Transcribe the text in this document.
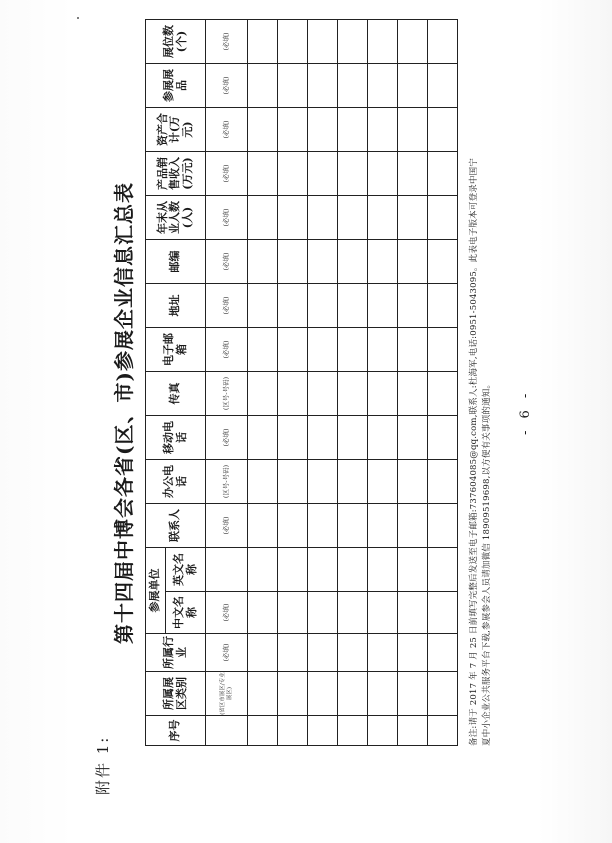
附件 1:
第十四届中博会各省(区、市)参展企业信息汇总表
序号	所属展区类别	所属行业	参展单位		联系人	办公电话	移动电话	传真	电子邮箱	地址	邮编	年末从业人数(人)	产品销售收入(万元)	资产合计(万元)	参展展品	展位数(个)
			中文名称	英文名称												
	(省区市展区/专业展区)	(必填)	(必填)		(必填)	(区号-号码)	(必填)	(区号-号码)	(必填)	(必填)	(必填)	(必填)	(必填)	(必填)	(必填)	(必填)

备注:请于 2017 年 7 月 25 日前填写完整后发送至电子邮箱:737604085@qq.com,联系人:杜海军,电话:0951-5043095。此表电子版本可登录中国宁 夏中小企业公共服务平台下载,参展参会人员请加微信 18909519698,以方便有关事项的通知。 - 6 -
